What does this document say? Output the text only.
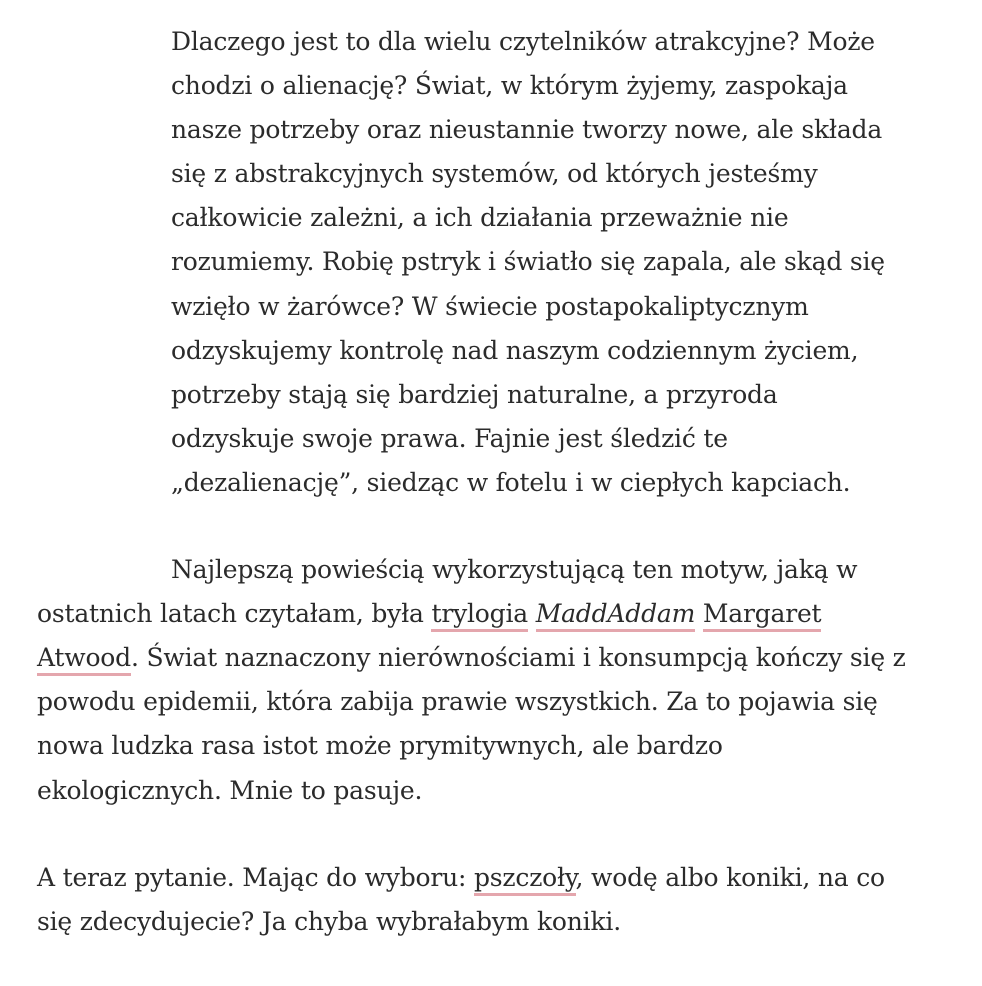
Dlaczego jest to dla wielu czytelników atrakcyjne? Może chodzi o alienację? Świat, w którym żyjemy, zaspokaja nasze potrzeby oraz nieustannie tworzy nowe, ale składa się z abstrakcyjnych systemów, od których jesteśmy całkowicie zależni, a ich działania przeważnie nie rozumiemy. Robię pstryk i światło się zapala, ale skąd się wzięło w żarówce? W świecie postapokaliptycznym odzyskujemy kontrolę nad naszym codziennym życiem, potrzeby stają się bardziej naturalne, a przyroda odzyskuje swoje prawa. Fajnie jest śledzić te „dezalienację”, siedząc w fotelu i w ciepłych kapciach.

Najlepszą powieścią wykorzystującą ten motyw, jaką w ostatnich latach czytałam, była trylogia MaddAddam Margaret Atwood. Świat naznaczony nierównościami i konsumpcją kończy się z powodu epidemii, która zabija prawie wszystkich. Za to pojawia się nowa ludzka rasa istot może prymitywnych, ale bardzo ekologicznych. Mnie to pasuje.

A teraz pytanie. Mając do wyboru: pszczoły, wodę albo koniki, na co się zdecydujecie? Ja chyba wybrałabym koniki.
